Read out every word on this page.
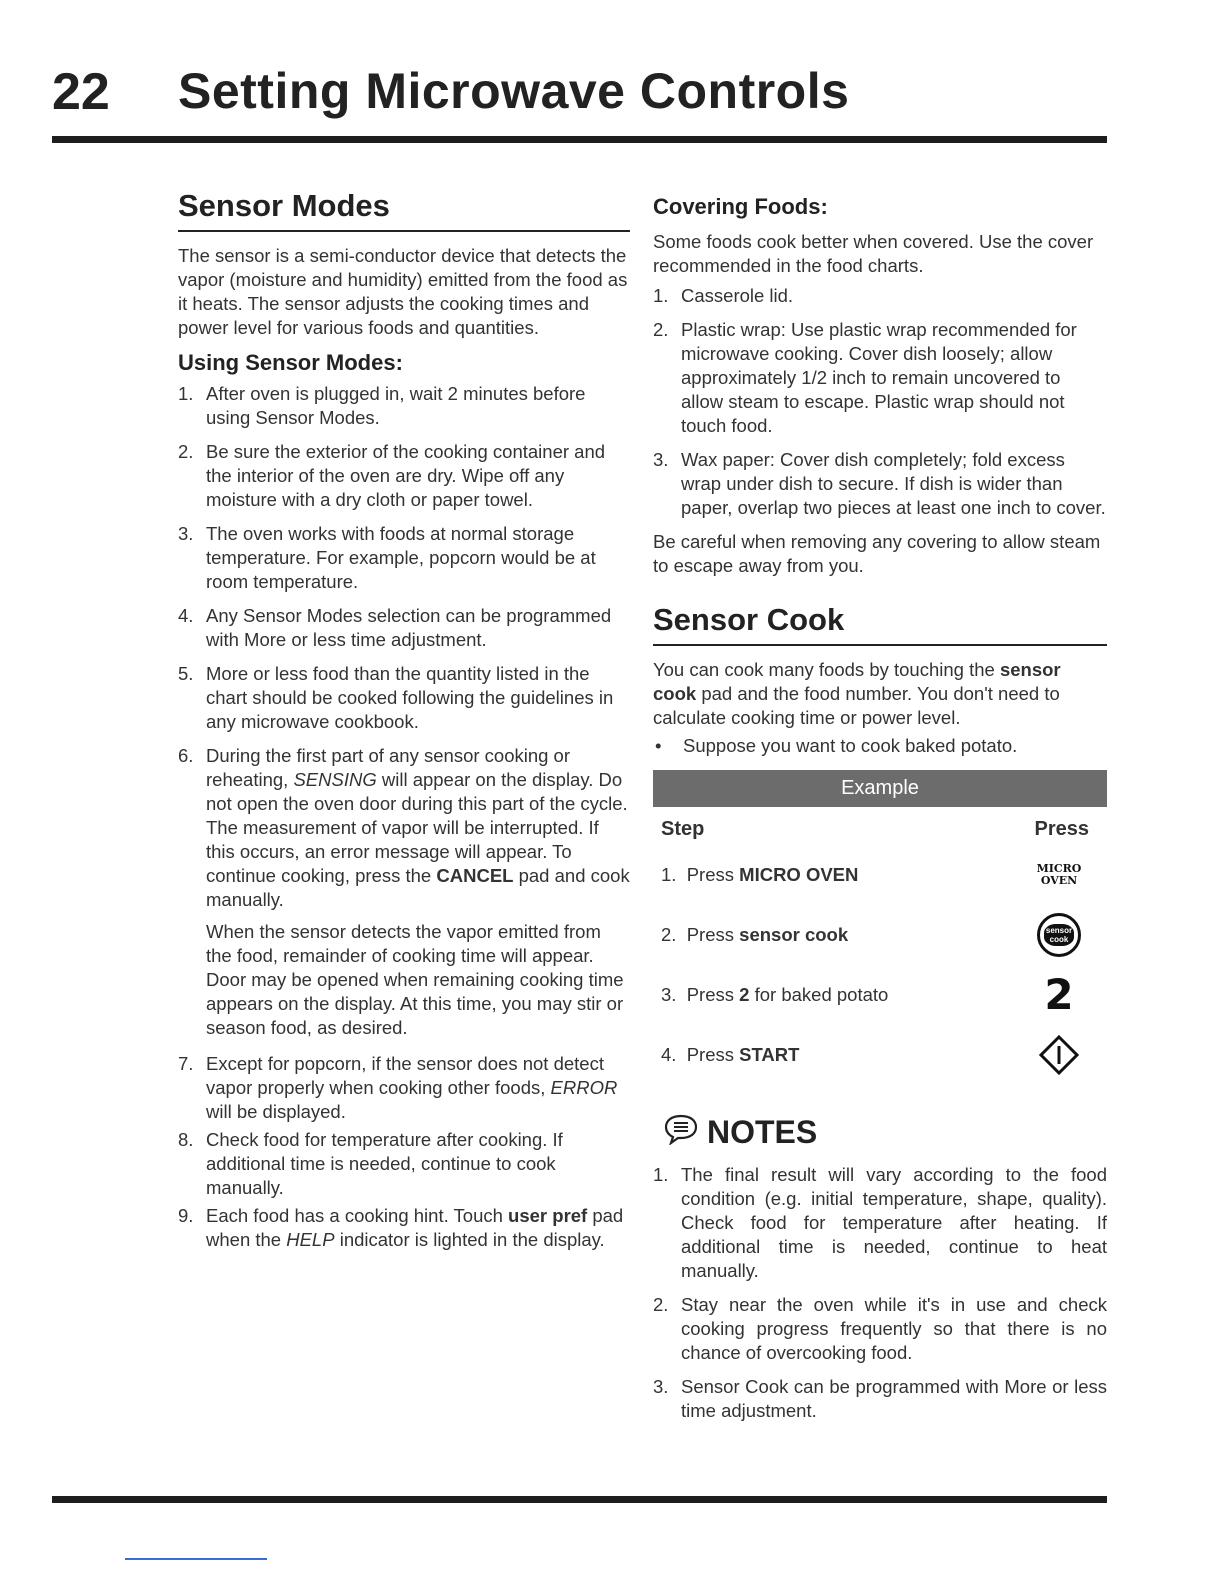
22 Setting Microwave Controls
Sensor Modes

The sensor is a semi-conductor device that detects the vapor (moisture and humidity) emitted from the food as it heats. The sensor adjusts the cooking times and power level for various foods and quantities.

Using Sensor Modes:
1. After oven is plugged in, wait 2 minutes before using Sensor Modes.
2. Be sure the exterior of the cooking container and the interior of the oven are dry. Wipe off any moisture with a dry cloth or paper towel.
3. The oven works with foods at normal storage temperature. For example, popcorn would be at room temperature.
4. Any Sensor Modes selection can be programmed with More or less time adjustment.
5. More or less food than the quantity listed in the chart should be cooked following the guidelines in any microwave cookbook.
6. During the first part of any sensor cooking or reheating, SENSING will appear on the display. Do not open the oven door during this part of the cycle. The measurement of vapor will be interrupted. If this occurs, an error message will appear. To continue cooking, press the CANCEL pad and cook manually.

When the sensor detects the vapor emitted from the food, remainder of cooking time will appear. Door may be opened when remaining cooking time appears on the display. At this time, you may stir or season food, as desired.

7. Except for popcorn, if the sensor does not detect vapor properly when cooking other foods, ERROR will be displayed.
8. Check food for temperature after cooking. If additional time is needed, continue to cook manually.
9. Each food has a cooking hint. Touch user pref pad when the HELP indicator is lighted in the display.
Covering Foods:

Some foods cook better when covered. Use the cover recommended in the food charts.

1. Casserole lid.
2. Plastic wrap: Use plastic wrap recommended for microwave cooking. Cover dish loosely; allow approximately 1/2 inch to remain uncovered to allow steam to escape. Plastic wrap should not touch food.
3. Wax paper: Cover dish completely; fold excess wrap under dish to secure. If dish is wider than paper, overlap two pieces at least one inch to cover.

Be careful when removing any covering to allow steam to escape away from you.

Sensor Cook

You can cook many foods by touching the sensor cook pad and the food number. You don't need to calculate cooking time or power level.

•	Suppose you want to cook baked potato.
Example
Step	Press
1. Press MICRO OVEN	MICRO
OVEN
2. Press sensor cook	sensor
cook
3. Press 2 for baked potato	2
4. Press START
NOTES
1. The final result will vary according to the food condition (e.g. initial temperature, shape, quality). Check food for temperature after heating. If additional time is needed, continue to heat manually.
2. Stay near the oven while it's in use and check cooking progress frequently so that there is no chance of overcooking food.
3. Sensor Cook can be programmed with More or less time adjustment.
